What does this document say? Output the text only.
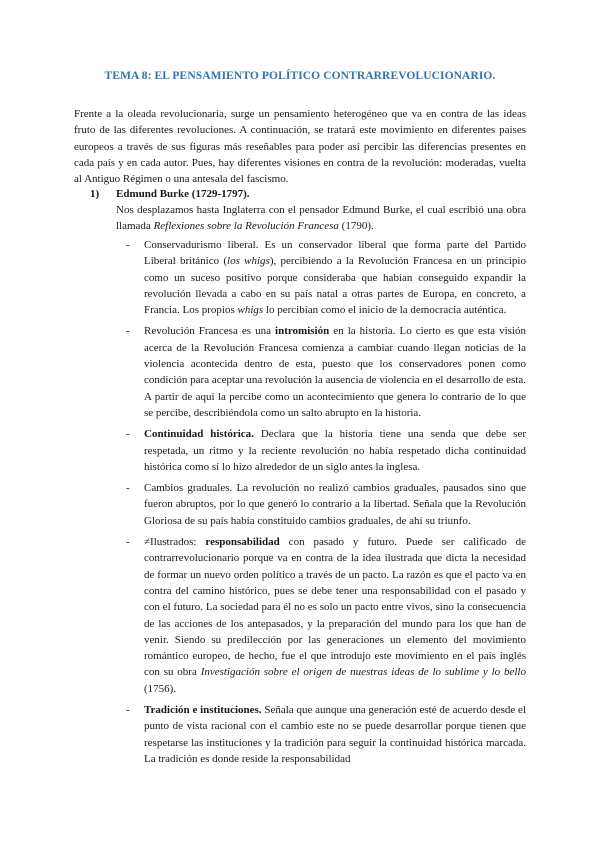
TEMA 8: EL PENSAMIENTO POLÍTICO CONTRARREVOLUCIONARIO.

Frente a la oleada revolucionaria, surge un pensamiento heterogéneo que va en contra de las ideas fruto de las diferentes revoluciones. A continuación, se tratará este movimiento en diferentes países europeos a través de sus figuras más reseñables para poder así percibir las diferencias presentes en cada país y en cada autor. Pues, hay diferentes visiones en contra de la revolución: moderadas, vuelta al Antiguo Régimen o una antesala del fascismo.

1) Edmund Burke (1729-1797).

Nos desplazamos hasta Inglaterra con el pensador Edmund Burke, el cual escribió una obra llamada Reflexiones sobre la Revolución Francesa (1790).

- Conservadurismo liberal. Es un conservador liberal que forma parte del Partido Liberal británico (los whigs), percibiendo a la Revolución Francesa en un principio como un suceso positivo porque consideraba que habían conseguido expandir la revolución llevada a cabo en su país natal a otras partes de Europa, en concreto, a Francia. Los propios whigs lo percibían como el inicio de la democracia auténtica.
- Revolución Francesa es una intromisión en la historia. Lo cierto es que esta visión acerca de la Revolución Francesa comienza a cambiar cuando llegan noticias de la violencia acontecida dentro de esta, puesto que los conservadores ponen como condición para aceptar una revolución la ausencia de violencia en el desarrollo de esta. A partir de aquí la percibe como un acontecimiento que genera lo contrario de lo que se percibe, describiéndola como un salto abrupto en la historia.
- Continuidad histórica. Declara que la historia tiene una senda que debe ser respetada, un ritmo y la reciente revolución no había respetado dicha continuidad histórica como sí lo hizo alrededor de un siglo antes la inglesa.
- Cambios graduales. La revolución no realizó cambios graduales, pausados sino que fueron abruptos, por lo que generó lo contrario a la libertad. Señala que la Revolución Gloriosa de su país había constituido cambios graduales, de ahí su triunfo.
- ≠Ilustrados: responsabilidad con pasado y futuro. Puede ser calificado de contrarrevolucionario porque va en contra de la idea ilustrada que dicta la necesidad de formar un nuevo orden político a través de un pacto. La razón es que el pacto va en contra del camino histórico, pues se debe tener una responsabilidad con el pasado y con el futuro. La sociedad para él no es solo un pacto entre vivos, sino la consecuencia de las acciones de los antepasados, y la preparación del mundo para los que han de venir. Siendo su predilección por las generaciones un elemento del movimiento romántico europeo, de hecho, fue el que introdujo este movimiento en el país inglés con su obra Investigación sobre el origen de nuestras ideas de lo sublime y lo bello (1756).
- Tradición e instituciones. Señala que aunque una generación esté de acuerdo desde el punto de vista racional con el cambio este no se puede desarrollar porque tienen que respetarse las instituciones y la tradición para seguir la continuidad histórica marcada. La tradición es donde reside la responsabilidad
